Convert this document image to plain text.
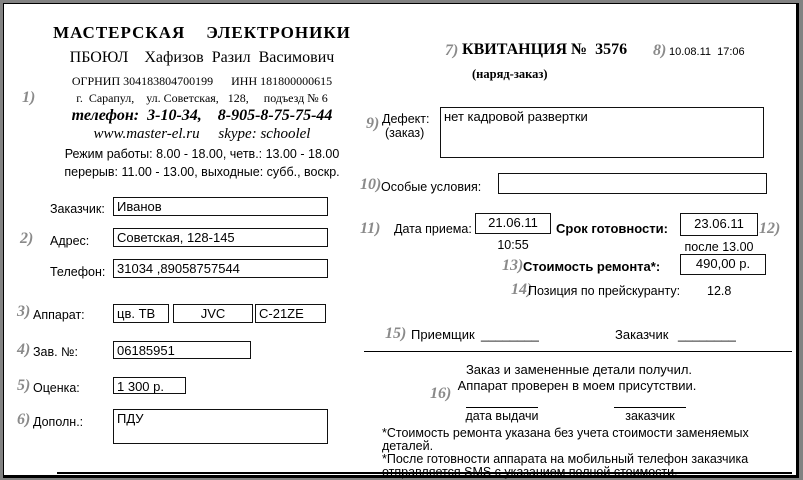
МАСТЕРСКАЯ    ЭЛЕКТРОНИКИ
ПБОЮЛ    Хафизов  Разил  Васимович
ОГРНИП 304183804700199      ИНН 181800000615
г.  Сарапул,    ул. Советская,   128,     подъезд № 6
телефон:  3-10-34,    8-905-8-75-75-44
www.master-el.ru     skype: schoolel
Режим работы: 8.00 - 18.00, четв.: 13.00 - 18.00
перерыв: 11.00 - 13.00, выходные: субб., воскр.
1)
2)
3)
4)
5)
6)
7)	8)
9)
10)
11)	12)
13)
14)
15)
16)
Заказчик: Иванов
Адрес:	Советская, 128-145
Телефон: 31034 ,89058757544
Аппарат:	цв. ТВ	JVC	C-21ZE
Зав. №:	06185951
Оценка:	1 300 р.
Дополн.:	ПДУ
КВИТАНЦИЯ №  3576	10.08.11  17:06
(наряд-заказ)
Дефект:
(заказ)
нет кадровой развертки
Особые условия:
Дата приема:	21.06.11
10:55
Срок готовности:	23.06.11
после 13.00
Стоимость ремонта*:	490,00 р.
Позиция по прейскуранту: 12.8
Приемщик ________	Заказчик ________
Заказ и замененные детали получил.
Аппарат проверен в моем присутствии.
дата выдачи	заказчик
*Стоимость ремонта указана без учета стоимости заменяемых деталей.
*После готовности аппарата на мобильный телефон заказчика
отправляется SMS с указанием полной стоимости.
